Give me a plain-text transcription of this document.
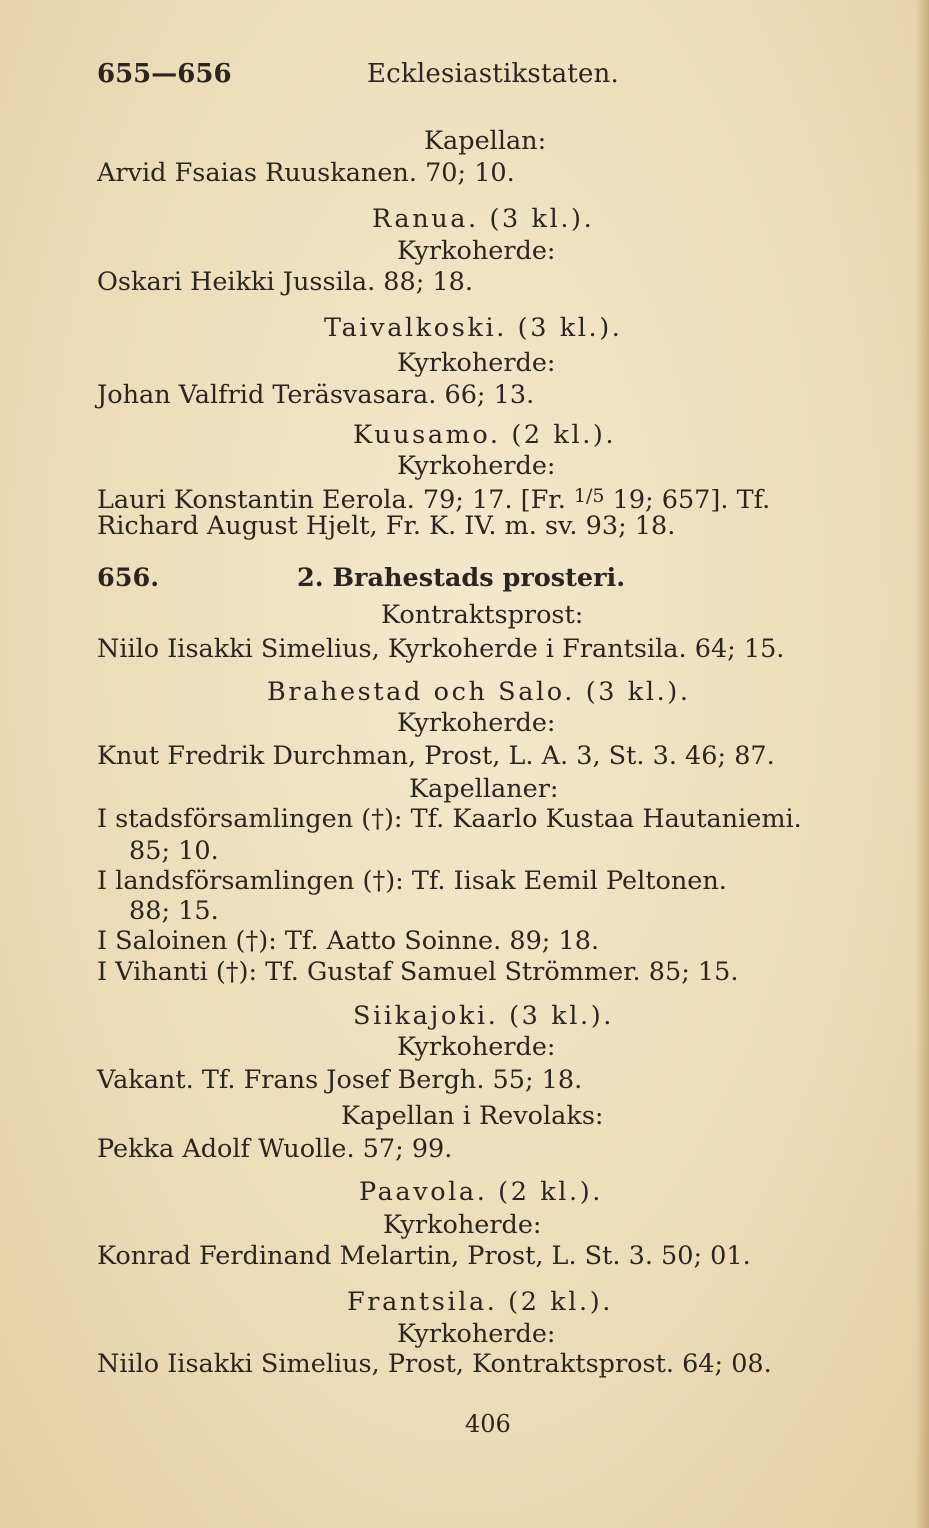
655—656	Ecklesiastikstaten.
Kapellan:
Arvid Fsaias Ruuskanen. 70; 10.
Ranua. (3 kl.).
Kyrkoherde:
Oskari Heikki Jussila. 88; 18.
Taivalkoski. (3 kl.).
Kyrkoherde:
Johan Valfrid Teräsvasara. 66; 13.
Kuusamo. (2 kl.).
Kyrkoherde:
Lauri Konstantin Eerola. 79; 17. [Fr. $^{1/5}$ 19; 657]. Tf.
Richard August Hjelt, Fr. K. IV. m. sv. 93; 18.
656.	2. Brahestads prosteri.
Kontraktsprost:
Niilo Iisakki Simelius, Kyrkoherde i Frantsila. 64; 15.
Brahestad och Salo. (3 kl.).
Kyrkoherde:
Knut Fredrik Durchman, Prost, L. A. 3, St. 3. 46; 87.
Kapellaner:
I stadsförsamlingen (†): Tf. Kaarlo Kustaa Hautaniemi.
85; 10.
I landsförsamlingen (†): Tf. Iisak Eemil Peltonen.
88; 15.
I Saloinen (†): Tf. Aatto Soinne. 89; 18.
I Vihanti (†): Tf. Gustaf Samuel Strömmer. 85; 15.
Siikajoki. (3 kl.).
Kyrkoherde:
Vakant. Tf. Frans Josef Bergh. 55; 18.
Kapellan i Revolaks:
Pekka Adolf Wuolle. 57; 99.
Paavola. (2 kl.).
Kyrkoherde:
Konrad Ferdinand Melartin, Prost, L. St. 3. 50; 01.
Frantsila. (2 kl.).
Kyrkoherde:
Niilo Iisakki Simelius, Prost, Kontraktsprost. 64; 08.
406
